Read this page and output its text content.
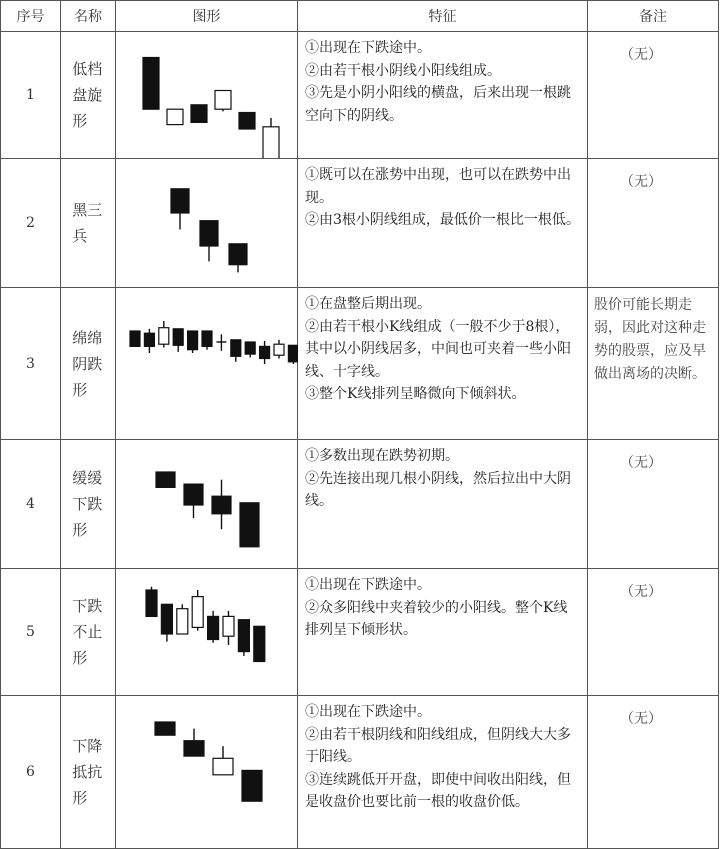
序号	名称	图形	特征	备注
1	低档盘旋形		①出现在下跌途中。
②由若干根小阴线小阳线组成。
③先是小阴小阳线的横盘，后来出现一根跳空向下的阴线。	（无）

2	黑三兵		①既可以在涨势中出现，也可以在跌势中出现。
②由3根小阴线组成，最低价一根比一根低。	（无）

3	绵绵阴跌形		①在盘整后期出现。
②由若干根小K线组成（一般不少于8根），其中以小阴线居多，中间也可夹着一些小阳线、十字线。
③整个K线排列呈略微向下倾斜状。	股价可能长期走弱，因此对这种走势的股票，应及早做出离场的决断。

4	缓缓下跌形		①多数出现在跌势初期。
②先连接出现几根小阴线，然后拉出中大阴线。	（无）

5	下跌不止形		①出现在下跌途中。
②众多阳线中夹着较少的小阳线。整个K线排列呈下倾形状。	（无）

6	下降抵抗形		①出现在下跌途中。
②由若干根阴线和阳线组成，但阴线大大多于阳线。
③连续跳低开开盘，即使中间收出阳线，但是收盘价也要比前一根的收盘价低。	（无）
